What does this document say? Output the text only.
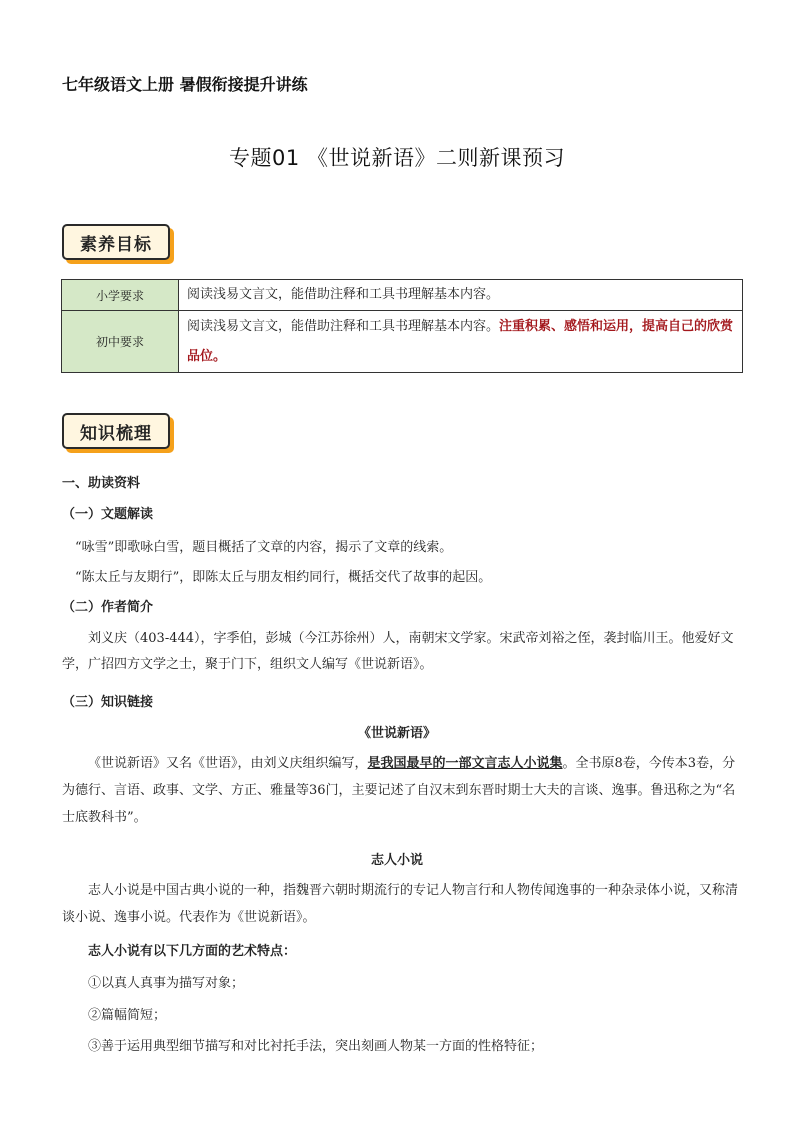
七年级语文上册 暑假衔接提升讲练
专题01 《世说新语》二则新课预习
素养目标
小学要求	阅读浅易文言文，能借助注释和工具书理解基本内容。
初中要求	阅读浅易文言文，能借助注释和工具书理解基本内容。注重积累、感悟和运用，提高自己的欣赏品位。
知识梳理
一、助读资料
（一）文题解读
“咏雪”即歌咏白雪，题目概括了文章的内容，揭示了文章的线索。
“陈太丘与友期行”，即陈太丘与朋友相约同行，概括交代了故事的起因。
（二）作者简介
刘义庆（403-444），字季伯，彭城（今江苏徐州）人，南朝宋文学家。宋武帝刘裕之侄，袭封临川王。他爱好文学，广招四方文学之士，聚于门下，组织文人编写《世说新语》。
（三）知识链接
《世说新语》
《世说新语》又名《世语》，由刘义庆组织编写，是我国最早的一部文言志人小说集。全书原8卷，今传本3卷，分为德行、言语、政事、文学、方正、雅量等36门，主要记述了自汉末到东晋时期士大夫的言谈、逸事。鲁迅称之为“名士底教科书”。
志人小说
志人小说是中国古典小说的一种，指魏晋六朝时期流行的专记人物言行和人物传闻逸事的一种杂录体小说，又称清谈小说、逸事小说。代表作为《世说新语》。
志人小说有以下几方面的艺术特点：
①以真人真事为描写对象；
②篇幅简短；
③善于运用典型细节描写和对比衬托手法，突出刻画人物某一方面的性格特征；
